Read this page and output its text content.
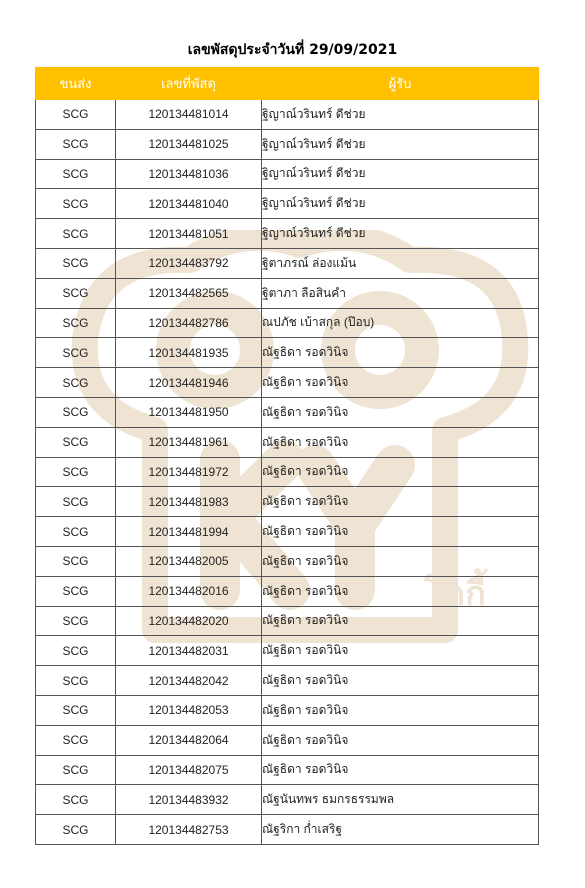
โคกี้
เลขพัสดุประจำวันที่ 29/09/2021
ขนส่ง	เลขที่พัสดุ	ผู้รับ
SCG	120134481014	ฐิญาณ์วรินทร์ ดีช่วย
SCG	120134481025	ฐิญาณ์วรินทร์ ดีช่วย
SCG	120134481036	ฐิญาณ์วรินทร์ ดีช่วย
SCG	120134481040	ฐิญาณ์วรินทร์ ดีช่วย
SCG	120134481051	ฐิญาณ์วรินทร์ ดีช่วย
SCG	120134483792	ฐิตาภรณ์ ล่องแม้น
SCG	120134482565	ฐิตาภา ลือสินคำ
SCG	120134482786	ณปภัช เบ้าสกุล (ป๊อบ)
SCG	120134481935	ณัฐธิดา รอดวินิจ
SCG	120134481946	ณัฐธิดา รอดวินิจ
SCG	120134481950	ณัฐธิดา รอดวินิจ
SCG	120134481961	ณัฐธิดา รอดวินิจ
SCG	120134481972	ณัฐธิดา รอดวินิจ
SCG	120134481983	ณัฐธิดา รอดวินิจ
SCG	120134481994	ณัฐธิดา รอดวินิจ
SCG	120134482005	ณัฐธิดา รอดวินิจ
SCG	120134482016	ณัฐธิดา รอดวินิจ
SCG	120134482020	ณัฐธิดา รอดวินิจ
SCG	120134482031	ณัฐธิดา รอดวินิจ
SCG	120134482042	ณัฐธิดา รอดวินิจ
SCG	120134482053	ณัฐธิดา รอดวินิจ
SCG	120134482064	ณัฐธิดา รอดวินิจ
SCG	120134482075	ณัฐธิดา รอดวินิจ
SCG	120134483932	ณัฐนันทพร ธมกรธรรมพล
SCG	120134482753	ณัฐริกา ก่ำเสริฐ
